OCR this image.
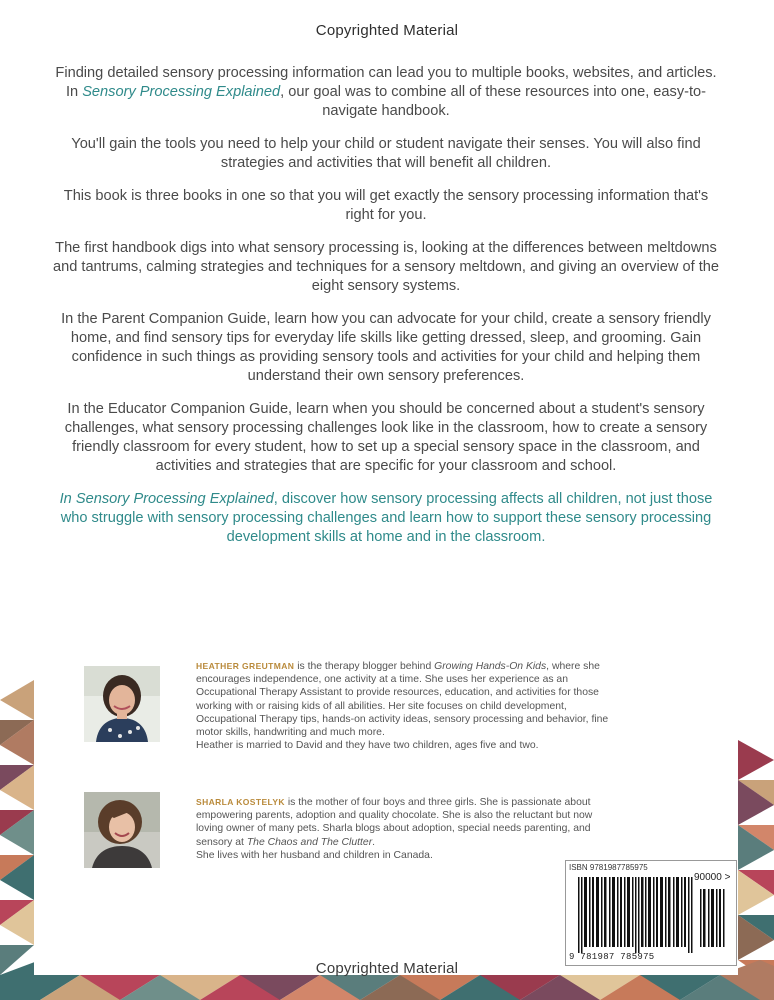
Copyrighted Material

Finding detailed sensory processing information can lead you to multiple books, websites, and articles. In Sensory Processing Explained, our goal was to combine all of these resources into one, easy-to-navigate handbook.

You'll gain the tools you need to help your child or student navigate their senses. You will also find strategies and activities that will benefit all children.

This book is three books in one so that you will get exactly the sensory processing information that's right for you.

The first handbook digs into what sensory processing is, looking at the differences between meltdowns and tantrums, calming strategies and techniques for a sensory meltdown, and giving an overview of the eight sensory systems.

In the Parent Companion Guide, learn how you can advocate for your child, create a sensory friendly home, and find sensory tips for everyday life skills like getting dressed, sleep, and grooming. Gain confidence in such things as providing sensory tools and activities for your child and helping them
understand their own sensory preferences.

In the Educator Companion Guide, learn when you should be concerned about a student's sensory challenges, what sensory processing challenges look like in the classroom, how to create a sensory friendly classroom for every student, how to set up a special sensory space in the classroom, and activities and strategies that are specific for your classroom and school.

In Sensory Processing Explained, discover how sensory processing affects all children, not just those who struggle with sensory processing challenges and learn how to support these sensory processing development skills at home and in the classroom.

HEATHER GREUTMAN is the therapy blogger behind Growing Hands-On Kids, where she
encourages independence, one activity at a time. She uses her experience as an
Occupational Therapy Assistant to provide resources, education, and activities for those
working with or raising kids of all abilities. Her site focuses on child development,
Occupational Therapy tips, hands-on activity ideas, sensory processing and behavior, fine
motor skills, handwriting and much more.
Heather is married to David and they have two children, ages five and two.
SHARLA KOSTELYK is the mother of four boys and three girls. She is passionate about
empowering parents, adoption and quality chocolate. She is also the reluctant but now
loving owner of many pets. Sharla blogs about adoption, special needs parenting, and
sensory at The Chaos and The Clutter.
She lives with her husband and children in Canada.
ISBN 9781987785975
90000 >
9 781987 785975
Copyrighted Material
